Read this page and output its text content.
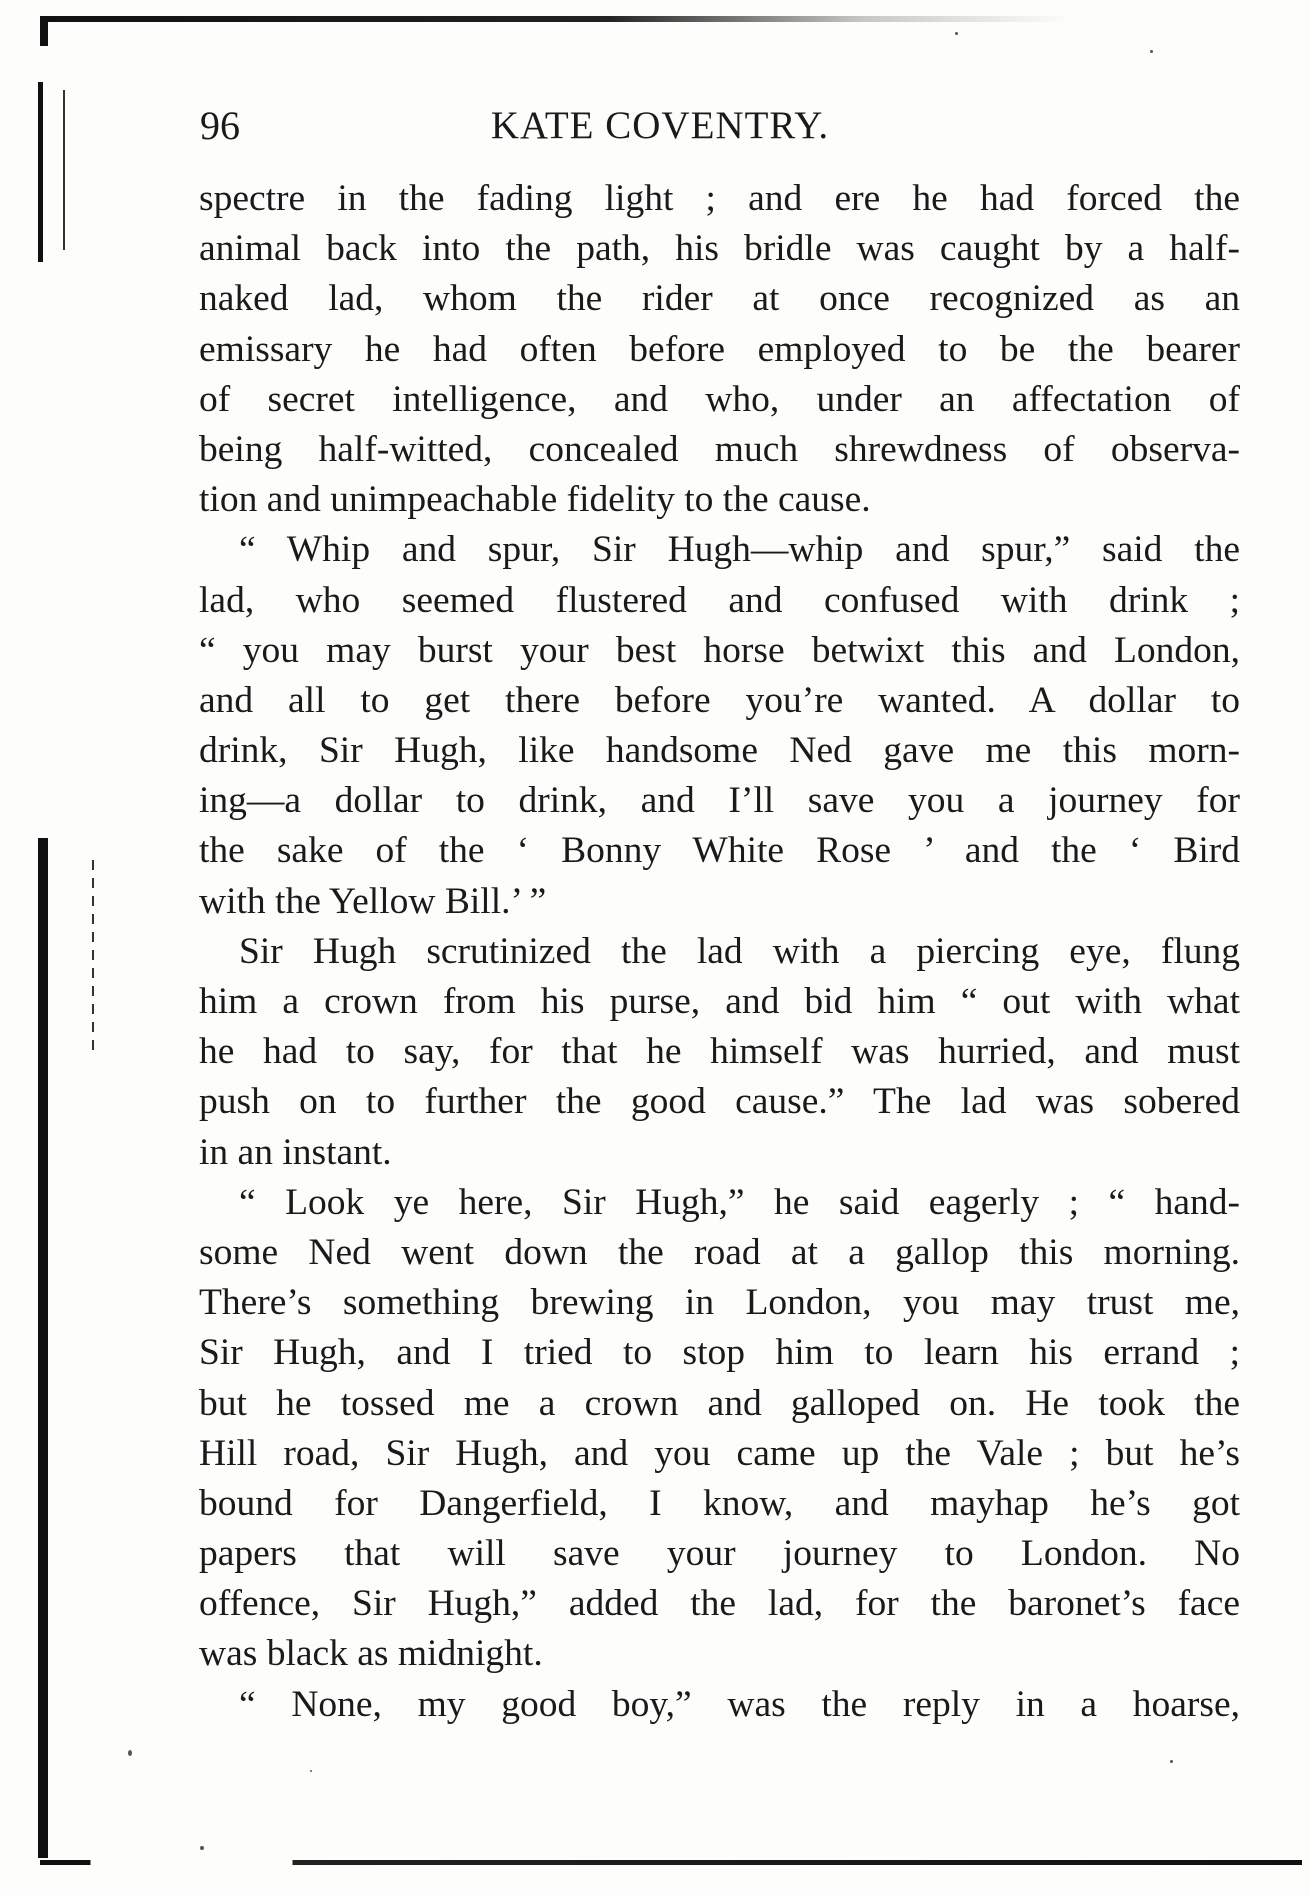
96	KATE COVENTRY.
spectre in the fading light ; and ere he had forced the
animal back into the path, his bridle was caught by a half-
naked lad, whom the rider at once recognized as an
emissary he had often before employed to be the bearer
of secret intelligence, and who, under an affectation of
being half-witted, concealed much shrewdness of observa-
tion and unimpeachable fidelity to the cause.
“ Whip and spur, Sir Hugh—whip and spur,” said the
lad, who seemed flustered and confused with drink ;
“ you may burst your best horse betwixt this and London,
and all to get there before you’re wanted. A dollar to
drink, Sir Hugh, like handsome Ned gave me this morn-
ing—a dollar to drink, and I’ll save you a journey for
the sake of the ‘ Bonny White Rose ’ and the ‘ Bird
with the Yellow Bill.’ ”
Sir Hugh scrutinized the lad with a piercing eye, flung
him a crown from his purse, and bid him “ out with what
he had to say, for that he himself was hurried, and must
push on to further the good cause.” The lad was sobered
in an instant.
“ Look ye here, Sir Hugh,” he said eagerly ; “ hand-
some Ned went down the road at a gallop this morning.
There’s something brewing in London, you may trust me,
Sir Hugh, and I tried to stop him to learn his errand ;
but he tossed me a crown and galloped on. He took the
Hill road, Sir Hugh, and you came up the Vale ; but he’s
bound for Dangerfield, I know, and mayhap he’s got
papers that will save your journey to London. No
offence, Sir Hugh,” added the lad, for the baronet’s face
was black as midnight.
“ None, my good boy,” was the reply in a hoarse,
